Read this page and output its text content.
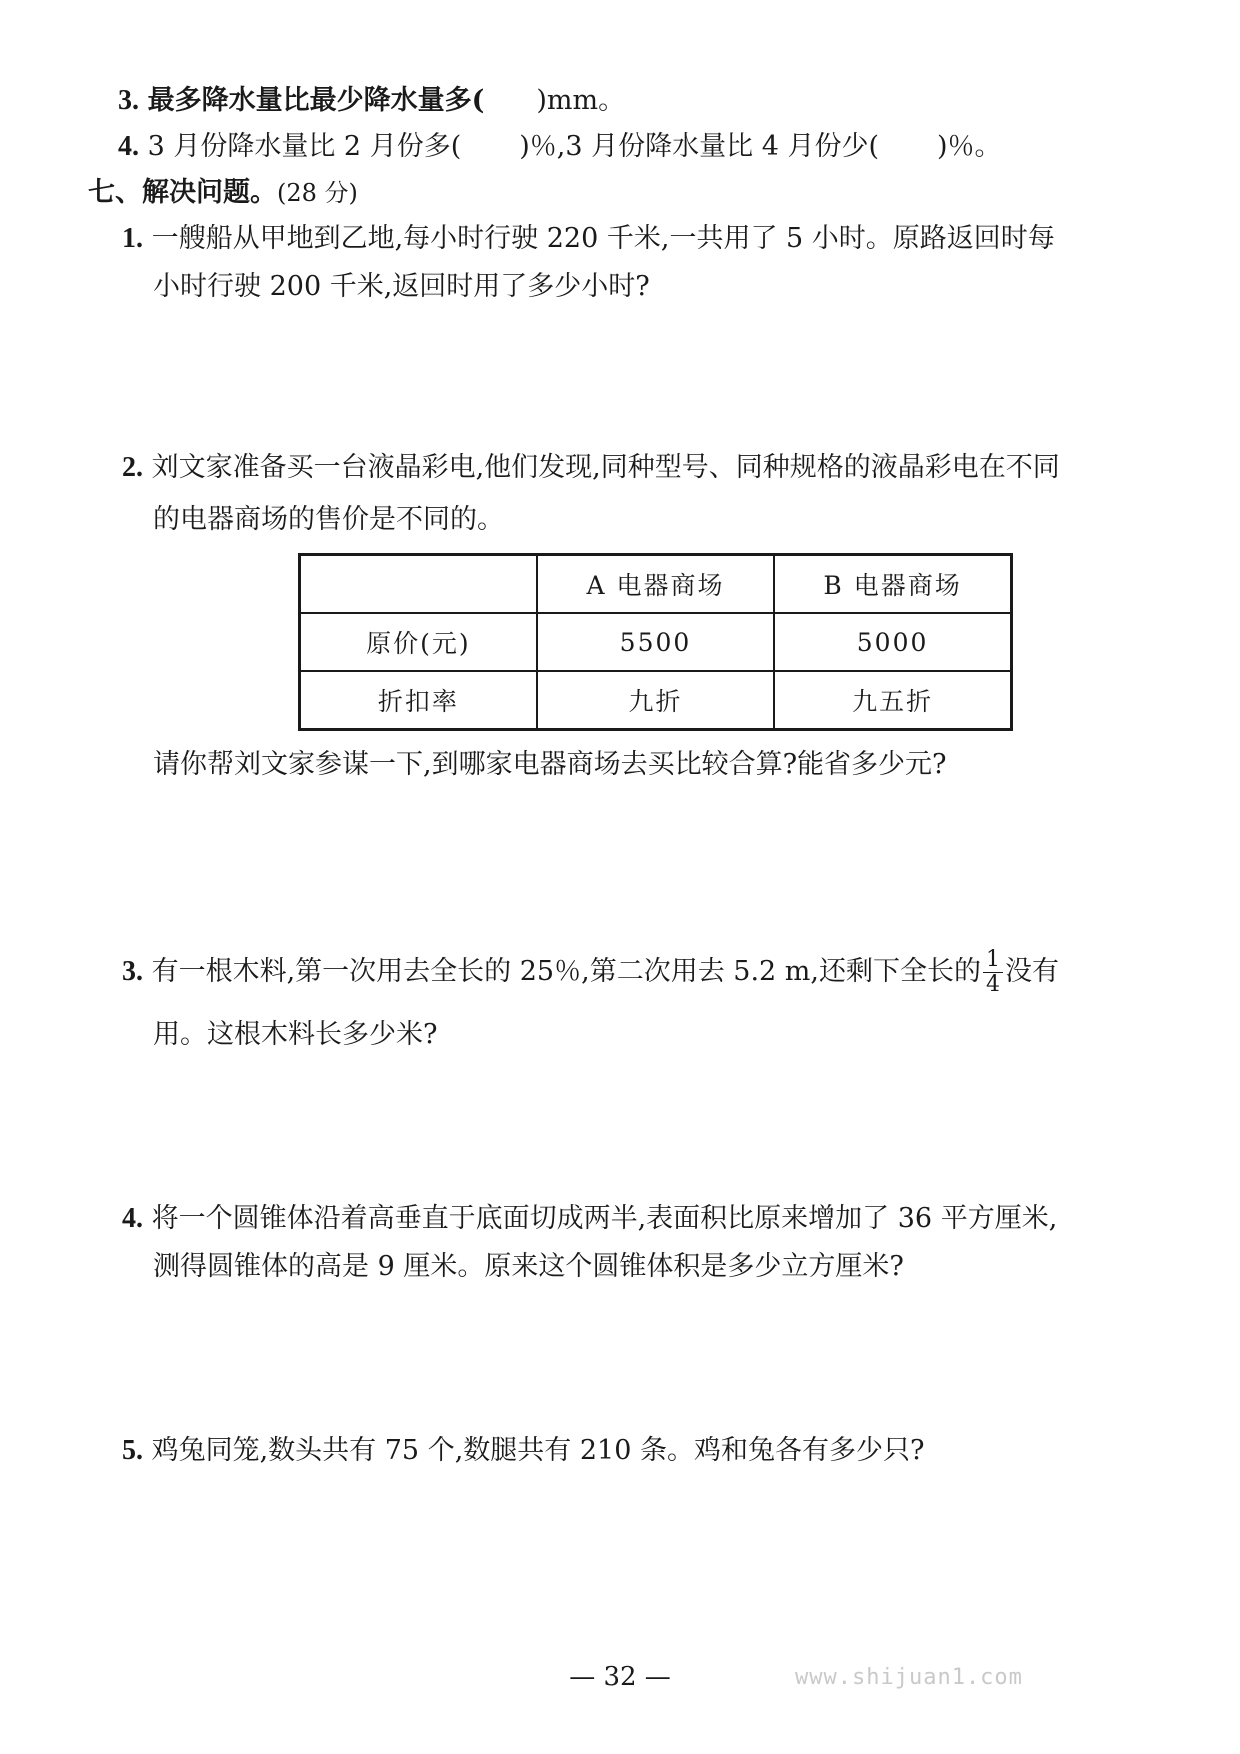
3. 最多降水量比最少降水量多( )mm。
4. 3 月份降水量比 2 月份多( )％,3 月份降水量比 4 月份少( )％。
七、解决问题。(28 分)
1. 一艘船从甲地到乙地,每小时行驶 220 千米,一共用了 5 小时。原路返回时每
小时行驶 200 千米,返回时用了多少小时?
2. 刘文家准备买一台液晶彩电,他们发现,同种型号、同种规格的液晶彩电在不同
的电器商场的售价是不同的。
	A 电器商场	B 电器商场
原价(元)	5500	5000
折扣率	九折	九五折
请你帮刘文家参谋一下,到哪家电器商场去买比较合算?能省多少元?
3. 有一根木料,第一次用去全长的 25％,第二次用去 5.2 m,还剩下全长的 $\frac{1}{4}$ 没有
用。这根木料长多少米?
4. 将一个圆锥体沿着高垂直于底面切成两半,表面积比原来增加了 36 平方厘米,
测得圆锥体的高是 9 厘米。原来这个圆锥体积是多少立方厘米?
5. 鸡兔同笼,数头共有 75 个,数腿共有 210 条。鸡和兔各有多少只?
— 32 —	www.shijuan1.com
